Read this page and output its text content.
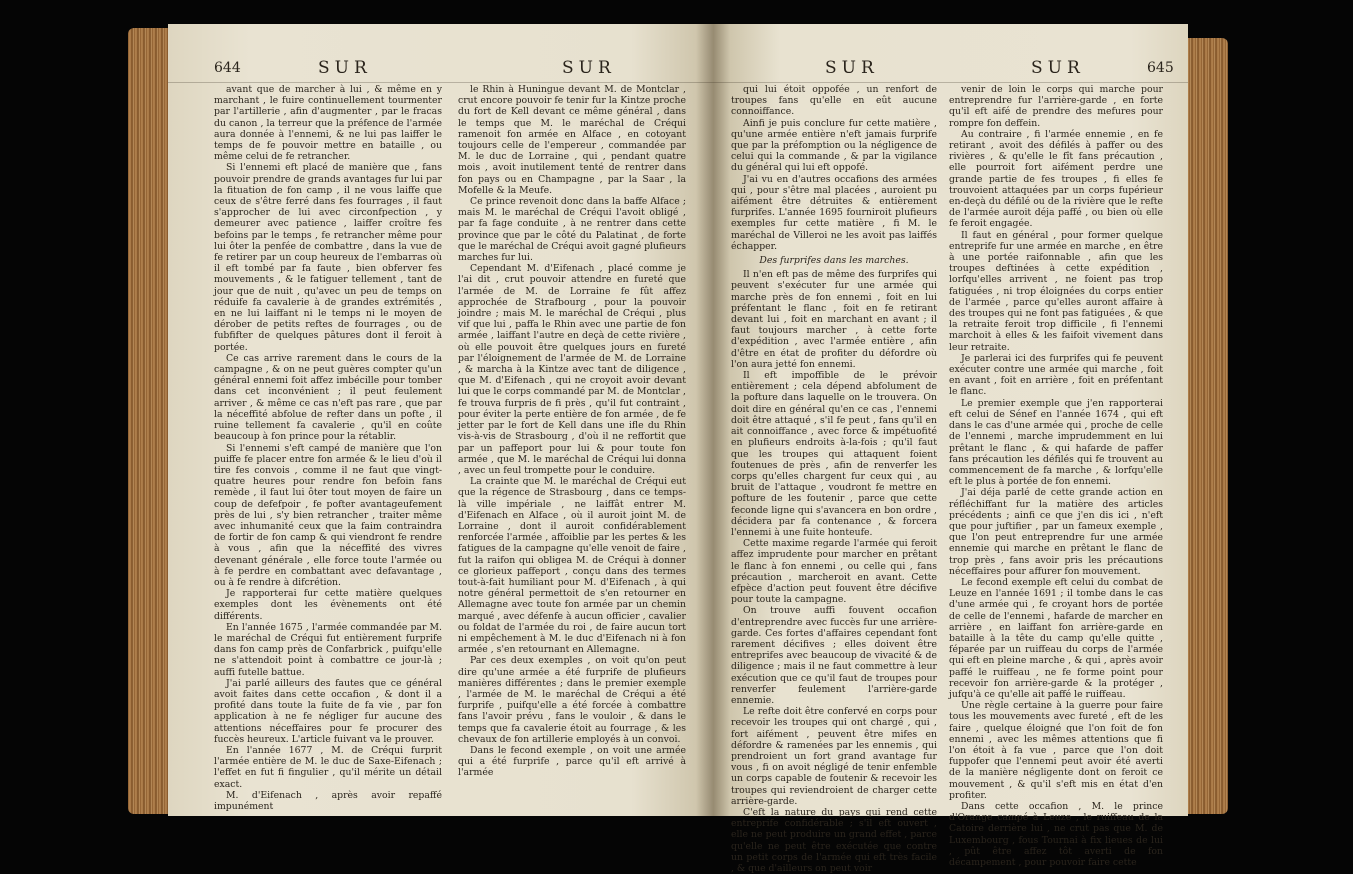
644	SUR	SUR

avant que de marcher à lui , & même en y marchant , le fuire continuellement tourmenter par l'artillerie , afin d'augmenter , par le fracas du canon , la terreur que la préfence de l'armée aura donnée à l'ennemi, & ne lui pas laiffer le temps de fe pouvoir mettre en bataille , ou même celui de fe retrancher.

Si l'ennemi eft placé de manière que , fans pouvoir prendre de grands avantages fur lui par la fituation de fon camp , il ne vous laiffe que ceux de s'être ferré dans fes fourrages , il faut s'approcher de lui avec circonfpection , y demeurer avec patience , laiffer croître fes befoins par le temps , fe retrancher même pour lui ôter la penfée de combattre , dans la vue de fe retirer par un coup heureux de l'embarras où il eft tombé par fa faute , bien obferver fes mouvements , & le fatiguer tellement , tant de jour que de nuit , qu'avec un peu de temps on réduife fa cavalerie à de grandes extrémités , en ne lui laiffant ni le temps ni le moyen de dérober de petits reftes de fourrages , ou de fubfifter de quelques pâtures dont il feroit à portée.

Ce cas arrive rarement dans le cours de la campagne , & on ne peut guères compter qu'un général ennemi foit affez imbécille pour tomber dans cet inconvénient ; il peut feulement arriver , & même ce cas n'eft pas rare , que par la néceffité abfolue de refter dans un pofte , il ruine tellement fa cavalerie , qu'il en coûte beaucoup à fon prince pour la rétablir.

Si l'ennemi s'eft campé de manière que l'on puiffe fe placer entre fon armée & le lieu d'où il tire fes convois , comme il ne faut que vingt-quatre heures pour rendre fon befoin fans remède , il faut lui ôter tout moyen de faire un coup de defefpoir , fe pofter avantageufement près de lui , s'y bien retrancher , traiter même avec inhumanité ceux que la faim contraindra de fortir de fon camp & qui viendront fe rendre à vous , afin que la néceffité des vivres devenant générale , elle force toute l'armée ou à fe perdre en combattant avec defavantage , ou à fe rendre à difcrétion.

Je rapporterai fur cette matière quelques exemples dont les évènements ont été différents.

En l'année 1675 , l'armée commandée par M. le maréchal de Créqui fut entièrement furprife dans fon camp près de Confarbrick , puifqu'elle ne s'attendoit point à combattre ce jour-là ; auffi futelle battue.

J'ai parlé ailleurs des fautes que ce général avoit faites dans cette occafion , & dont il a profité dans toute la fuite de fa vie , par fon application à ne fe négliger fur aucune des attentions néceffaires pour fe procurer des fuccès heureux. L'article fuivant va le prouver.

En l'année 1677 , M. de Créqui furprit l'armée entière de M. le duc de Saxe-Eifenach ; l'effet en fut fi fingulier , qu'il mérite un détail exact.

M. d'Eifenach , après avoir repaffé impunément

le Rhin à Huningue devant M. de Montclar , crut encore pouvoir fe tenir fur la Kintze proche du fort de Kell devant ce même général , dans le temps que M. le maréchal de Créqui ramenoit fon armée en Alface , en cotoyant toujours celle de l'empereur , commandée par M. le duc de Lorraine , qui , pendant quatre mois , avoit inutilement tenté de rentrer dans fon pays ou en Champagne , par la Saar , la Mofelle & la Meufe.

Ce prince revenoit donc dans la baffe Alface ; mais M. le maréchal de Créqui l'avoit obligé , par fa fage conduite , à ne rentrer dans cette province que par le côté du Palatinat , de forte que le maréchal de Créqui avoit gagné plufieurs marches fur lui.

Cependant M. d'Eifenach , placé comme je l'ai dit , crut pouvoir attendre en fureté que l'armée de M. de Lorraine fe fût affez approchée de Strafbourg , pour la pouvoir joindre ; mais M. le maréchal de Créqui , plus vif que lui , paffa le Rhin avec une partie de fon armée , laiffant l'autre en deçà de cette rivière , où elle pouvoit être quelques jours en fureté par l'éloignement de l'armée de M. de Lorraine , & marcha à la Kintze avec tant de diligence , que M. d'Eifenach , qui ne croyoit avoir devant lui que le corps commandé par M. de Montclar , fe trouva furpris de fi près , qu'il fut contraint , pour éviter la perte entière de fon armée , de fe jetter par le fort de Kell dans une ifle du Rhin vis-à-vis de Strasbourg , d'où il ne reffortit que par un paffeport pour lui & pour toute fon armée , que M. le maréchal de Créqui lui donna , avec un feul trompette pour le conduire.

La crainte que M. le maréchal de Créqui eut que la régence de Strasbourg , dans ce temps-là ville impériale , ne laiffât entrer M. d'Eifenach en Alface , où il auroit joint M. de Lorraine , dont il auroit confidérablement renforcée l'armée , affoiblie par les pertes & les fatigues de la campagne qu'elle venoit de faire , fut la raifon qui obligea M. de Créqui à donner ce glorieux paffeport , conçu dans des termes tout-à-fait humiliant pour M. d'Eifenach , à qui notre général permettoit de s'en retourner en Allemagne avec toute fon armée par un chemin marqué , avec défenfe à aucun officier , cavalier ou foldat de l'armée du roi , de faire aucun tort ni empêchement à M. le duc d'Eifenach ni à fon armée , s'en retournant en Allemagne.

Par ces deux exemples , on voit qu'on peut dire qu'une armée a été furprife de plufieurs manières différentes ; dans le premier exemple , l'armée de M. le maréchal de Créqui a été furprife , puifqu'elle a été forcée à combattre fans l'avoir prévu , fans le vouloir , & dans le temps que fa cavalerie étoit au fourrage , & les chevaux de fon artillerie employés à un convoi.

Dans le fecond exemple , on voit une armée qui a été furprife , parce qu'il eft arrivé à l'armée

SUR	SUR	645

qui lui étoit oppofée , un renfort de troupes fans qu'elle en eût aucune connoiffance.

Ainfi je puis conclure fur cette matière , qu'une armée entière n'eft jamais furprife que par la préfomption ou la négligence de celui qui la commande , & par la vigilance du général qui lui eft oppofé.

J'ai vu en d'autres occafions des armées qui , pour s'être mal placées , auroient pu aifément être détruites & entièrement furprifes. L'année 1695 fourniroit plufieurs exemples fur cette matière , fi M. le maréchal de Villeroi ne les avoit pas laiffés échapper.

Des furprifes dans les marches.

Il n'en eft pas de même des furprifes qui peuvent s'exécuter fur une armée qui marche près de fon ennemi , foit en lui préfentant le flanc , foit en fe retirant devant lui , foit en marchant en avant ; il faut toujours marcher , à cette forte d'expédition , avec l'armée entière , afin d'être en état de profiter du défordre où l'on aura jetté fon ennemi.

Il eft impoffible de le prévoir entièrement ; cela dépend abfolument de la pofture dans laquelle on le trouvera. On doit dire en général qu'en ce cas , l'ennemi doit être attaqué , s'il fe peut , fans qu'il en ait connoiffance , avec force & impétuofité en plufieurs endroits à-la-fois ; qu'il faut que les troupes qui attaquent foient foutenues de près , afin de renverfer les corps qu'elles chargent fur ceux qui , au bruit de l'attaque , voudront fe mettre en pofture de les foutenir , parce que cette feconde ligne qui s'avancera en bon ordre , décidera par fa contenance , & forcera l'ennemi à une fuite honteufe.

Cette maxime regarde l'armée qui feroit affez imprudente pour marcher en prêtant le flanc à fon ennemi , ou celle qui , fans précaution , marcheroit en avant. Cette efpèce d'action peut fouvent être décifive pour toute la campagne.

On trouve auffi fouvent occafion d'entreprendre avec fuccès fur une arrière-garde. Ces fortes d'affaires cependant font rarement décifives ; elles doivent être entreprifes avec beaucoup de vivacité & de diligence ; mais il ne faut commettre à leur exécution que ce qu'il faut de troupes pour renverfer feulement l'arrière-garde ennemie.

Le refte doit être confervé en corps pour recevoir les troupes qui ont chargé , qui , fort aifément , peuvent être mifes en défordre & ramenées par les ennemis , qui prendroient un fort grand avantage fur vous , fi on avoit négligé de tenir enfemble un corps capable de foutenir & recevoir les troupes qui reviendroient de charger cette arrière-garde.

C'eft la nature du pays qui rend cette entreprife confidérable ; s'il eft ouvert , elle ne peut produire un grand effet , parce qu'elle ne peut être exécutée que contre un petit corps de l'armée qui eft très facile , & que d'ailleurs on peut voir

venir de loin le corps qui marche pour entreprendre fur l'arrière-garde , en forte qu'il eft aifé de prendre des mefures pour rompre fon deffein.

Au contraire , fi l'armée ennemie , en fe retirant , avoit des défilés à paffer ou des rivières , & qu'elle le fît fans précaution , elle pourroit fort aifément perdre une grande partie de fes troupes , fi elles fe trouvoient attaquées par un corps fupérieur en-deçà du défilé ou de la rivière que le refte de l'armée auroit déja paffé , ou bien où elle fe feroit engagée.

Il faut en général , pour former quelque entreprife fur une armée en marche , en être à une portée raifonnable , afin que les troupes deftinées à cette expédition , lorfqu'elles arrivent , ne foient pas trop fatiguées , ni trop éloignées du corps entier de l'armée , parce qu'elles auront affaire à des troupes qui ne font pas fatiguées , & que la retraite feroit trop difficile , fi l'ennemi marchoit à elles & les faifoit vivement dans leur retraite.

Je parlerai ici des furprifes qui fe peuvent exécuter contre une armée qui marche , foit en avant , foit en arrière , foit en préfentant le flanc.

Le premier exemple que j'en rapporterai eft celui de Sénef en l'année 1674 , qui eft dans le cas d'une armée qui , proche de celle de l'ennemi , marche imprudemment en lui prêtant le flanc , & qui hafarde de paffer fans précaution les défilés qui fe trouvent au commencement de fa marche , & lorfqu'elle eft le plus à portée de fon ennemi.

J'ai déja parlé de cette grande action en réfléchiffant fur la matière des articles précédents ; ainfi ce que j'en dis ici , n'eft que pour juftifier , par un fameux exemple , que l'on peut entreprendre fur une armée ennemie qui marche en prêtant le flanc de trop près , fans avoir pris les précautions néceffaires pour affurer fon mouvement.

Le fecond exemple eft celui du combat de Leuze en l'année 1691 ; il tombe dans le cas d'une armée qui , fe croyant hors de portée de celle de l'ennemi , hafarde de marcher en arrière , en laiffant fon arrière-garde en bataille à la tête du camp qu'elle quitte , féparée par un ruiffeau du corps de l'armée qui eft en pleine marche , & qui , après avoir paffé le ruiffeau , ne fe forme point pour recevoir fon arrière-garde & la protéger , jufqu'à ce qu'elle ait paffé le ruiffeau.

Une règle certaine à la guerre pour faire tous les mouvements avec fureté , eft de les faire , quelque éloigné que l'on foit de fon ennemi , avec les mêmes attentions que fi l'on étoit à fa vue , parce que l'on doit fuppofer que l'ennemi peut avoir été averti de la manière négligente dont on feroit ce mouvement , & qu'il s'eft mis en état d'en profiter.

Dans cette occafion , M. le prince d'Orange campé à Leuze , le ruiffeau de la Catoire derrière lui , ne crut pas que M. de Luxembourg , fous Tournai à fix lieues de lui , pût être affez tôt averti de fon décampement , pour pouvoir faire cette
